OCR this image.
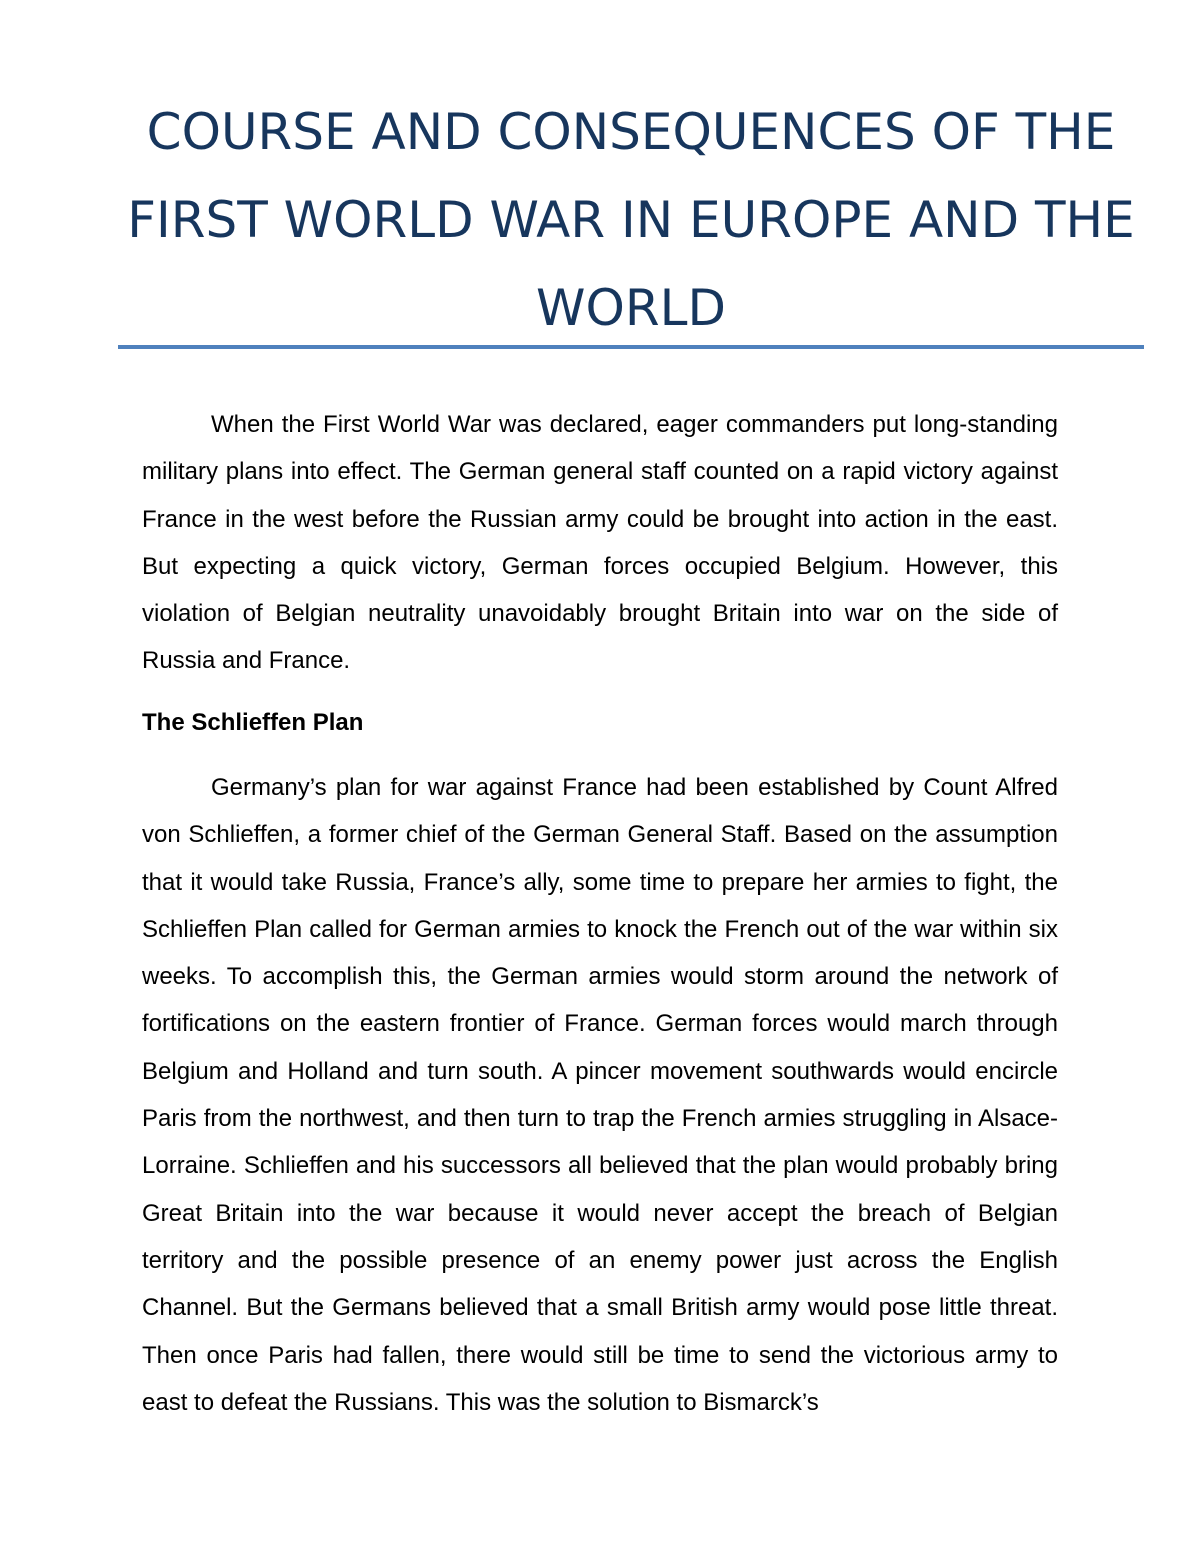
COURSE AND CONSEQUENCES OF THE FIRST WORLD WAR IN EUROPE AND THE WORLD

When the First World War was declared, eager commanders put long-standing military plans into effect. The German general staff counted on a rapid victory against France in the west before the Russian army could be brought into action in the east. But expecting a quick victory, German forces occupied Belgium. However, this violation of Belgian neutrality unavoidably brought Britain into war on the side of Russia and France.

The Schlieffen Plan

Germany’s plan for war against France had been established by Count Alfred von Schlieffen, a former chief of the German General Staff. Based on the assumption that it would take Russia, France’s ally, some time to prepare her armies to fight, the Schlieffen Plan called for German armies to knock the French out of the war within six weeks. To accomplish this, the German armies would storm around the network of fortifications on the eastern frontier of France. German forces would march through Belgium and Holland and turn south. A pincer movement southwards would encircle Paris from the northwest, and then turn to trap the French armies struggling in Alsace-Lorraine. Schlieffen and his successors all believed that the plan would probably bring Great Britain into the war because it would never accept the breach of Belgian territory and the possible presence of an enemy power just across the English Channel. But the Germans believed that a small British army would pose little threat. Then once Paris had fallen, there would still be time to send the victorious army to east to defeat the Russians. This was the solution to Bismarck’s
